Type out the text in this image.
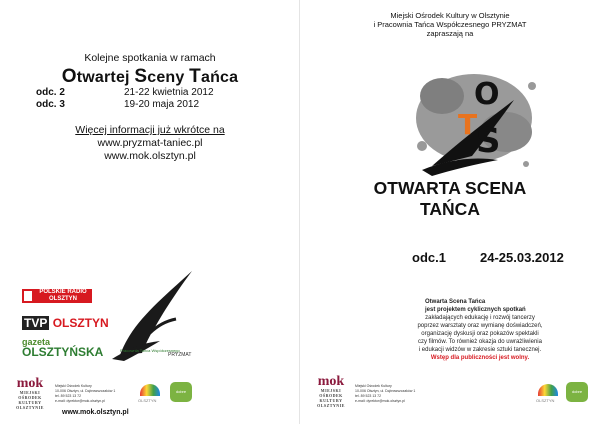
Kolejne spotkania w ramach
Otwartej Sceny Tańca
odc. 2	21-22 kwietnia 2012
odc. 3	19-20 maja 2012
Więcej informacji już wkrótce na
www.pryzmat-taniec.pl
www.mok.olsztyn.pl
POLSKIE RADIO OLSZTYN
TVP OLSZTYN
gazeta
OLSZTYŃSKA	Pracownia Tańca Współczesnego
PRYZMAT
mok
MIEJSKI OŚRODEK KULTURY
OLSZTYNIE
Miejski Ośrodek Kultury
10-006 Olsztyn, ul. Dąbrowszczaków 1
tel. 89 523 13 72
e-mail: dyrektor@mok.olsztyn.pl	OLSZTYN
dobre miejsce
www.mok.olsztyn.pl
Miejski Ośrodek Kultury w Olsztynie
i Pracownia Tańca Współczesnego PRYZMAT
zapraszają na
O
T
S
OTWARTA SCENA
TAŃCA
odc.1	24-25.03.2012
Otwarta Scena Tańca
jest projektem cyklicznych spotkań
zakładających edukację i rozwój tancerzy
poprzez warsztaty oraz wymianę doświadczeń,
organizację dyskusji oraz pokazów spektakli
czy filmów. To również okazja do uwrażliwienia
i edukacji widzów w zakresie sztuki tanecznej.
Wstęp dla publiczności jest wolny.
mok
MIEJSKI OŚRODEK KULTURY
OLSZTYNIE
Miejski Ośrodek Kultury
10-006 Olsztyn, ul. Dąbrowszczaków 1
tel. 89 523 13 72
e-mail: dyrektor@mok.olsztyn.pl	OLSZTYN
dobre miejsce
